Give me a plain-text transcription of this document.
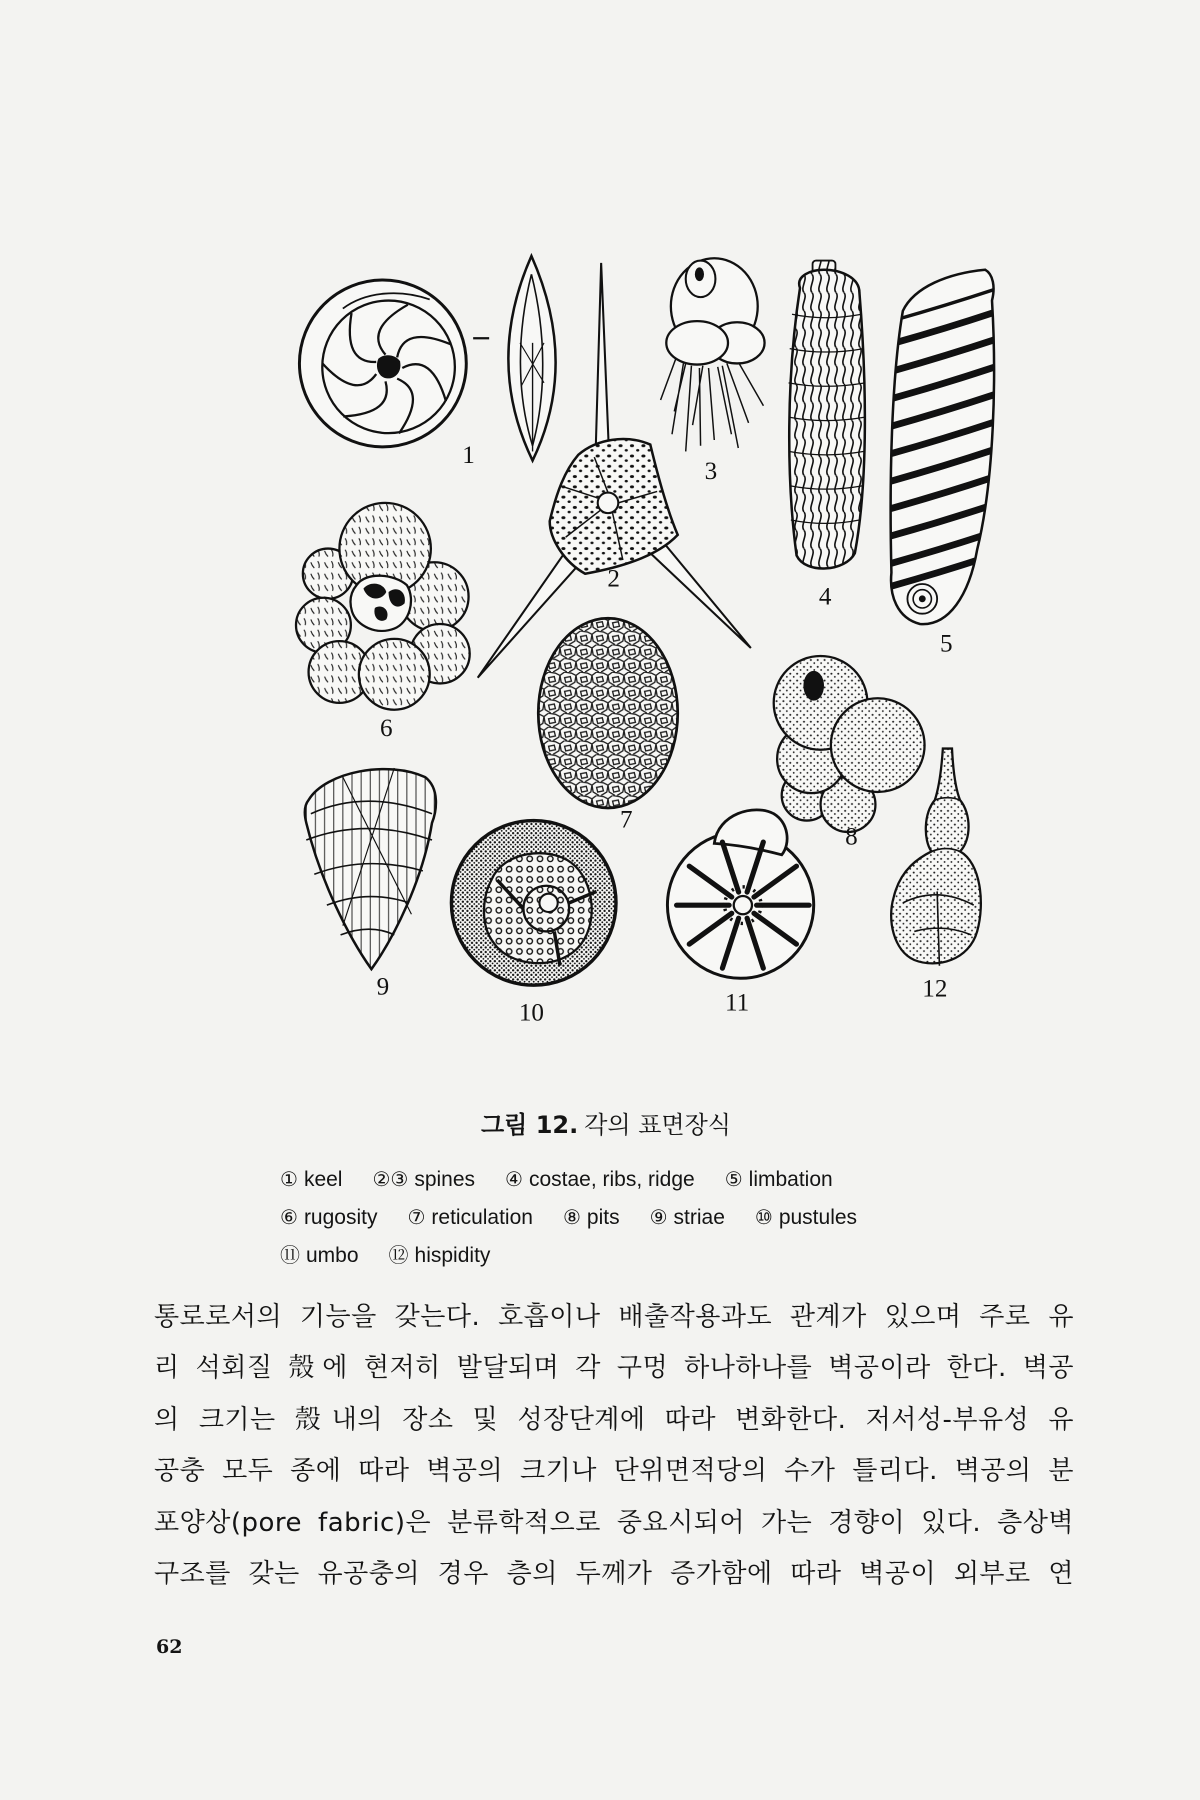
1
2
3
4
5
6
7
8
9
10	11
12
그림 12. 각의 표면장식
① keel ②③ spines ④ costae, ribs, ridge ⑤ limbation
⑥ rugosity ⑦ reticulation ⑧ pits ⑨ striae ⑩ pustules
⑪ umbo ⑫ hispidity
통로로서의 기능을 갖는다. 호흡이나 배출작용과도 관계가 있으며 주로 유
리 석회질 殼에 현저히 발달되며 각 구멍 하나하나를 벽공이라 한다. 벽공
의 크기는 殼내의 장소 및 성장단계에 따라 변화한다. 저서성-부유성 유
공충 모두 종에 따라 벽공의 크기나 단위면적당의 수가 틀리다. 벽공의 분
포양상(pore fabric)은 분류학적으로 중요시되어 가는 경향이 있다. 층상벽
구조를 갖는 유공충의 경우 층의 두께가 증가함에 따라 벽공이 외부로 연
62
